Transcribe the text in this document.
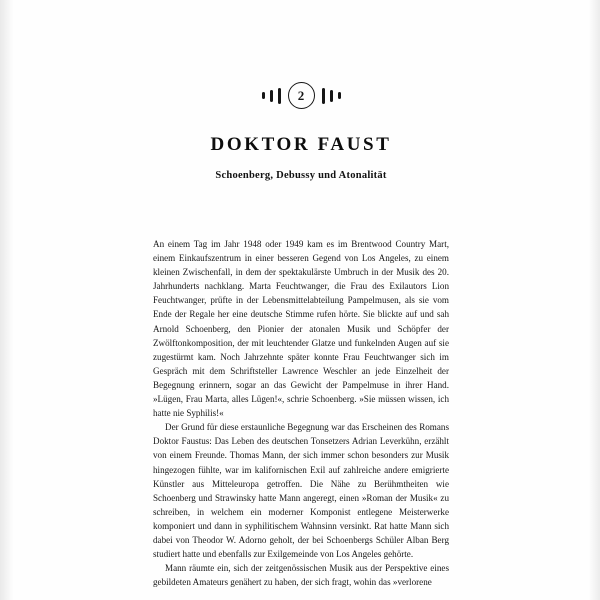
2
DOKTOR FAUST
Schoenberg, Debussy und Atonalität

An einem Tag im Jahr 1948 oder 1949 kam es im Brentwood Country Mart, einem Einkaufszentrum in einer besseren Gegend von Los Angeles, zu einem kleinen Zwischenfall, in dem der spektakulärste Umbruch in der Musik des 20. Jahrhunderts nachklang. Marta Feuchtwanger, die Frau des Exilautors Lion Feuchtwanger, prüfte in der Lebensmittelabteilung Pampelmusen, als sie vom Ende der Regale her eine deutsche Stimme rufen hörte. Sie blickte auf und sah Arnold Schoenberg, den Pionier der atonalen Musik und Schöpfer der Zwölftonkomposition, der mit leuchtender Glatze und funkelnden Augen auf sie zugestürmt kam. Noch Jahrzehnte später konnte Frau Feuchtwanger sich im Gespräch mit dem Schriftsteller Lawrence Weschler an jede Einzelheit der Begegnung erinnern, sogar an das Gewicht der Pampelmuse in ihrer Hand. »Lügen, Frau Marta, alles Lügen!«, schrie Schoenberg. »Sie müssen wissen, ich hatte nie Syphilis!«

Der Grund für diese erstaunliche Begegnung war das Erscheinen des Romans Doktor Faustus: Das Leben des deutschen Tonsetzers Adrian Leverkühn, erzählt von einem Freunde. Thomas Mann, der sich immer schon besonders zur Musik hingezogen fühlte, war im kalifornischen Exil auf zahlreiche andere emigrierte Künstler aus Mitteleuropa getroffen. Die Nähe zu Berühmtheiten wie Schoenberg und Strawinsky hatte Mann angeregt, einen »Roman der Musik« zu schreiben, in welchem ein moderner Komponist entlegene Meisterwerke komponiert und dann in syphilitischem Wahnsinn versinkt. Rat hatte Mann sich dabei von Theodor W. Adorno geholt, der bei Schoenbergs Schüler Alban Berg studiert hatte und ebenfalls zur Exilgemeinde von Los Angeles gehörte.

Mann räumte ein, sich der zeitgenössischen Musik aus der Perspektive eines gebildeten Amateurs genähert zu haben, der sich fragt, wohin das »verlorene
